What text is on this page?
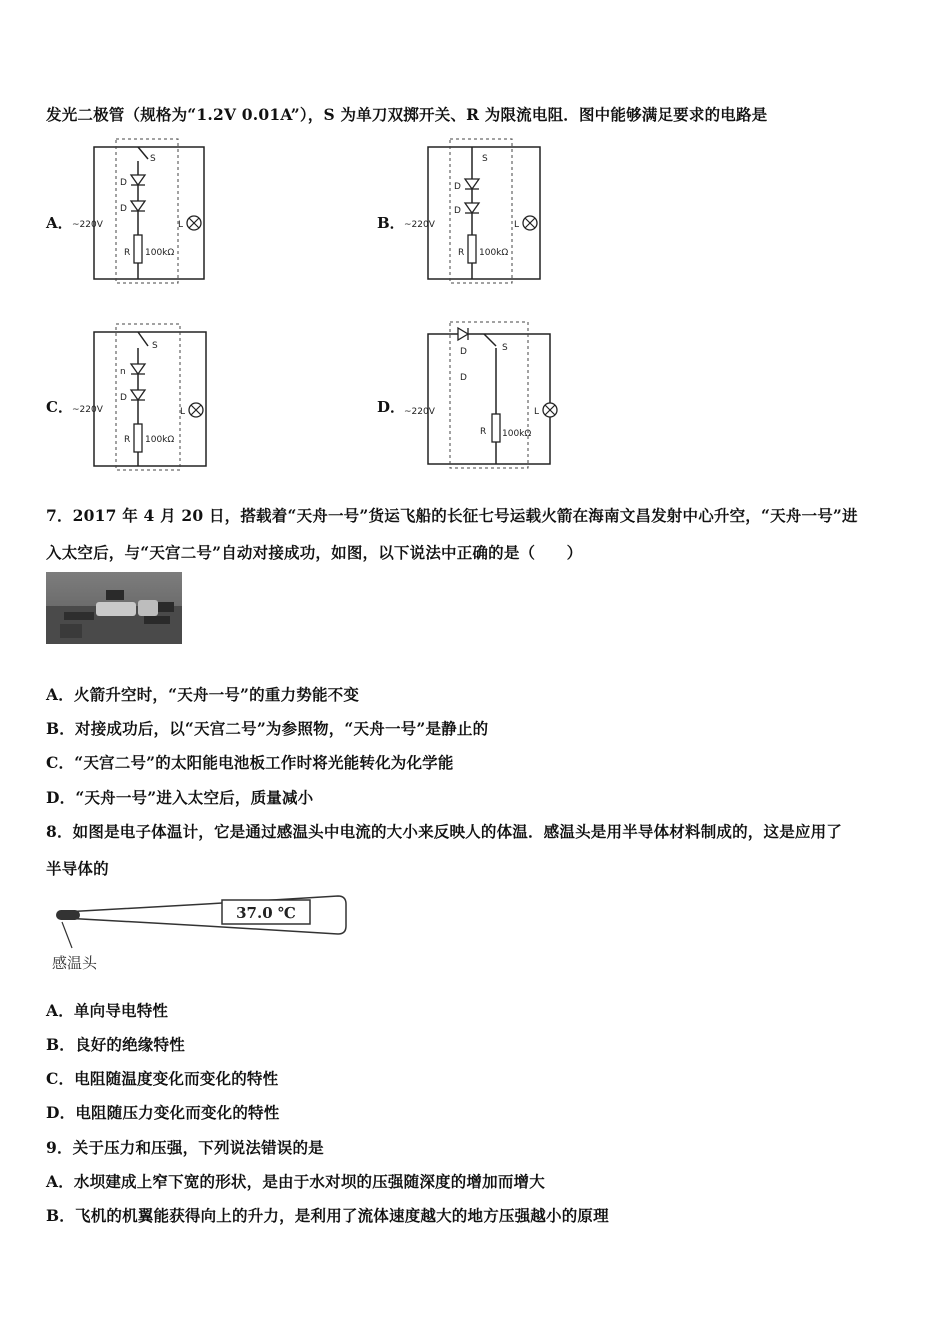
发光二极管（规格为“1.2V 0.01A”），S 为单刀双掷开关、R 为限流电阻．图中能够满足要求的电路是
A．
S
D
D
R 100kΩ
~220V	L	B．
S
D
D
R 100kΩ
~220V	L
C．
S
n
D
R 100kΩ
~220V	L	D．
D
D
S
R 100kΩ
~220V	L
7．2017 年 4 月 20 日，搭载着“天舟一号”货运飞船的长征七号运载火箭在海南文昌发射中心升空，“天舟一号”进
入太空后，与“天宫二号”自动对接成功，如图，以下说法中正确的是（　　）
A．火箭升空时，“天舟一号”的重力势能不变
B．对接成功后，以“天宫二号”为参照物，“天舟一号”是静止的
C．“天宫二号”的太阳能电池板工作时将光能转化为化学能
D．“天舟一号”进入太空后，质量减小
8．如图是电子体温计，它是通过感温头中电流的大小来反映人的体温．感温头是用半导体材料制成的，这是应用了
半导体的
37.0 ℃
感温头
A．单向导电特性
B．良好的绝缘特性
C．电阻随温度变化而变化的特性
D．电阻随压力变化而变化的特性
9．关于压力和压强，下列说法错误的是
A．水坝建成上窄下宽的形状，是由于水对坝的压强随深度的增加而增大
B．飞机的机翼能获得向上的升力，是利用了流体速度越大的地方压强越小的原理
